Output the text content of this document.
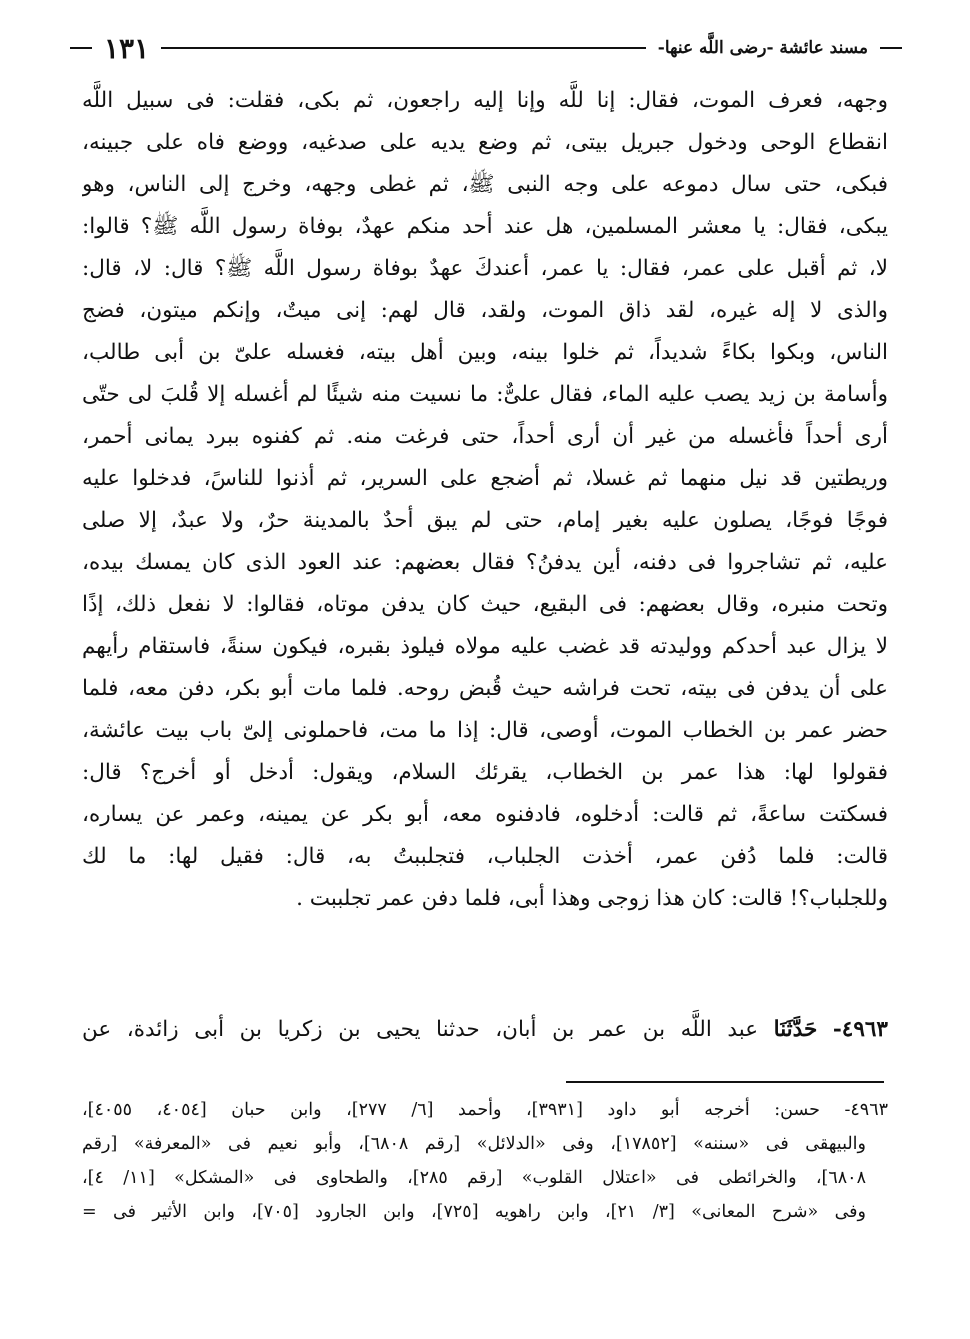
مسند عائشة -رضى اللَّه عنها-
١٣١
وجهه، فعرف الموت، فقال: إنا للَّه وإنا إليه راجعون، ثم بكى، فقلت: فى سبيل اللَّه
انقطاع الوحى ودخول جبريل بيتى، ثم وضع يديه على صدغيه، ووضع فاه على جبينه،
فبكى، حتى سال دموعه على وجه النبى ﷺ، ثم غطى وجهه، وخرج إلى الناس، وهو
يبكى، فقال: يا معشر المسلمين، هل عند أحد منكم عهدٌ، بوفاة رسول اللَّه ﷺ؟ قالوا:
لا، ثم أقبل على عمر، فقال: يا عمر، أعندكَ عهدٌ بوفاة رسول اللَّه ﷺ؟ قال: لا، قال:
والذى لا إله غيره، لقد ذاق الموت، ولقد، قال لهم: إنى ميتٌ، وإنكم ميتون، فضج
الناس، وبكوا بكاءً شديداً، ثم خلوا بينه، وبين أهل بيته، فغسله علىّ بن أبى طالب،
وأسامة بن زيد يصب عليه الماء، فقال علىٌّ: ما نسيت منه شيئًا لم أغسله إلا قُلبَ لى حتّى
أرى أحداً فأغسله من غير أن أرى أحداً، حتى فرغت منه. ثم كفنوه ببرد يمانى أحمر،
وريطتين قد نيل منهما ثم غسلا، ثم أضجع على السرير، ثم أذنوا للناسً، فدخلوا عليه
فوجًا فوجًا، يصلون عليه بغير إمام، حتى لم يبق أحدٌ بالمدينة حرٌ، ولا عبدٌ، إلا صلى
عليه، ثم تشاجروا فى دفنه، أين يدفنُ؟ فقال بعضهم: عند العود الذى كان يمسك بيده،
وتحت منبره، وقال بعضهم: فى البقيع، حيث كان يدفن موتاه، فقالوا: لا نفعل ذلك، إذًا
لا يزال عبد أحدكم ووليدته قد غضب عليه مولاه فيلوذ بقبره، فيكون سنةً، فاستقام رأيهم
على أن يدفن فى بيته، تحت فراشه حيث قُبض روحه. فلما مات أبو بكر، دفن معه، فلما
حضر عمر بن الخطاب الموت، أوصى، قال: إذا ما مت، فاحملونى إلىّ باب بيت عائشة،
فقولوا لها: هذا عمر بن الخطاب، يقرئك السلام، ويقول: أدخل أو أخرج؟ قال:
فسكتت ساعةً، ثم قالت: أدخلوه، فادفنوه معه، أبو بكر عن يمينه، وعمر عن يساره،
قالت: فلما دُفن عمر، أخذت الجلباب، فتجلببتُ به، قال: فقيل لها: ما لك
وللجلباب؟! قالت: كان هذا زوجى وهذا أبى، فلما دفن عمر تجلببت .
٤٩٦٣- حَدَّثَنَا عبد اللَّه بن عمر بن أبان، حدثنا يحيى بن زكريا بن أبى زائدة، عن
٤٩٦٣- حسن: أخرجه أبو داود [٣٩٣١]، وأحمد [٦/ ٢٧٧]، وابن حبان [٤٠٥٤، ٤٠٥٥]،
والبيهقى فى «سننه» [١٧٨٥٢]، وفى «الدلائل» [رقم ٦٨٠٨]، وأبو نعيم فى «المعرفة» [رقم
٦٨٠٨]، والخرائطى فى «اعتلال القلوب» [رقم ٢٨٥]، والطحاوى فى «المشكل» [١١/ ٤]،
وفى «شرح المعانى» [٣/ ٢١]، وابن راهويه [٧٢٥]، وابن الجارود [٧٠٥]، وابن الأثير فى =
